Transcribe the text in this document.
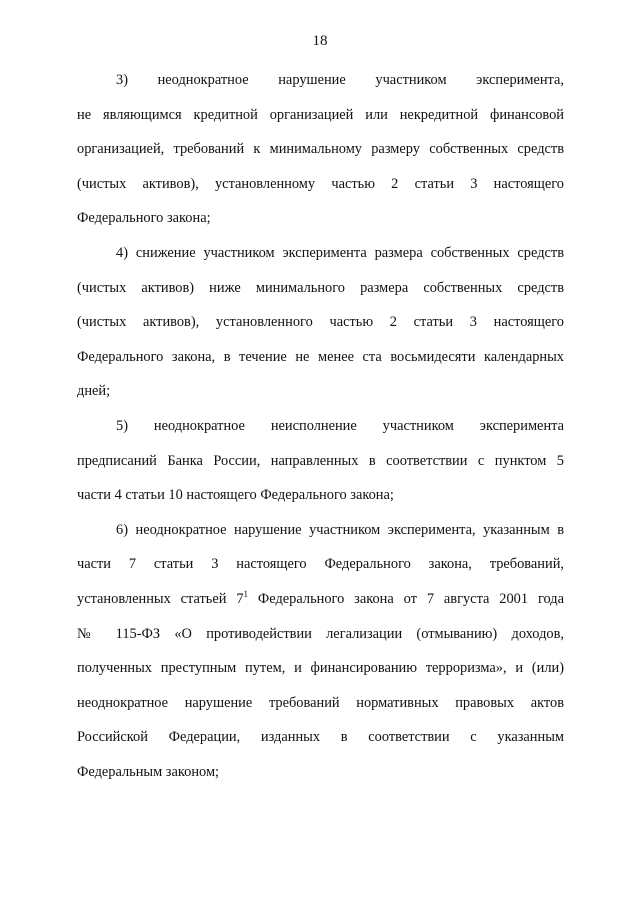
18
3) неоднократное нарушение участником эксперимента,
не являющимся кредитной организацией или некредитной финансовой
организацией, требований к минимальному размеру собственных средств
(чистых активов), установленному частью 2 статьи 3 настоящего
Федерального закона;
4) снижение участником эксперимента размера собственных средств
(чистых активов) ниже минимального размера собственных средств
(чистых активов), установленного частью 2 статьи 3 настоящего
Федерального закона, в течение не менее ста восьмидесяти календарных
дней;
5) неоднократное неисполнение участником эксперимента
предписаний Банка России, направленных в соответствии с пунктом 5
части 4 статьи 10 настоящего Федерального закона;
6) неоднократное нарушение участником эксперимента, указанным в
части 7 статьи 3 настоящего Федерального закона, требований,
установленных статьей $7^1$ Федерального закона от 7 августа 2001 года
№ 115-ФЗ «О противодействии легализации (отмыванию) доходов,
полученных преступным путем, и финансированию терроризма», и (или)
неоднократное нарушение требований нормативных правовых актов
Российской Федерации, изданных в соответствии с указанным
Федеральным законом;
